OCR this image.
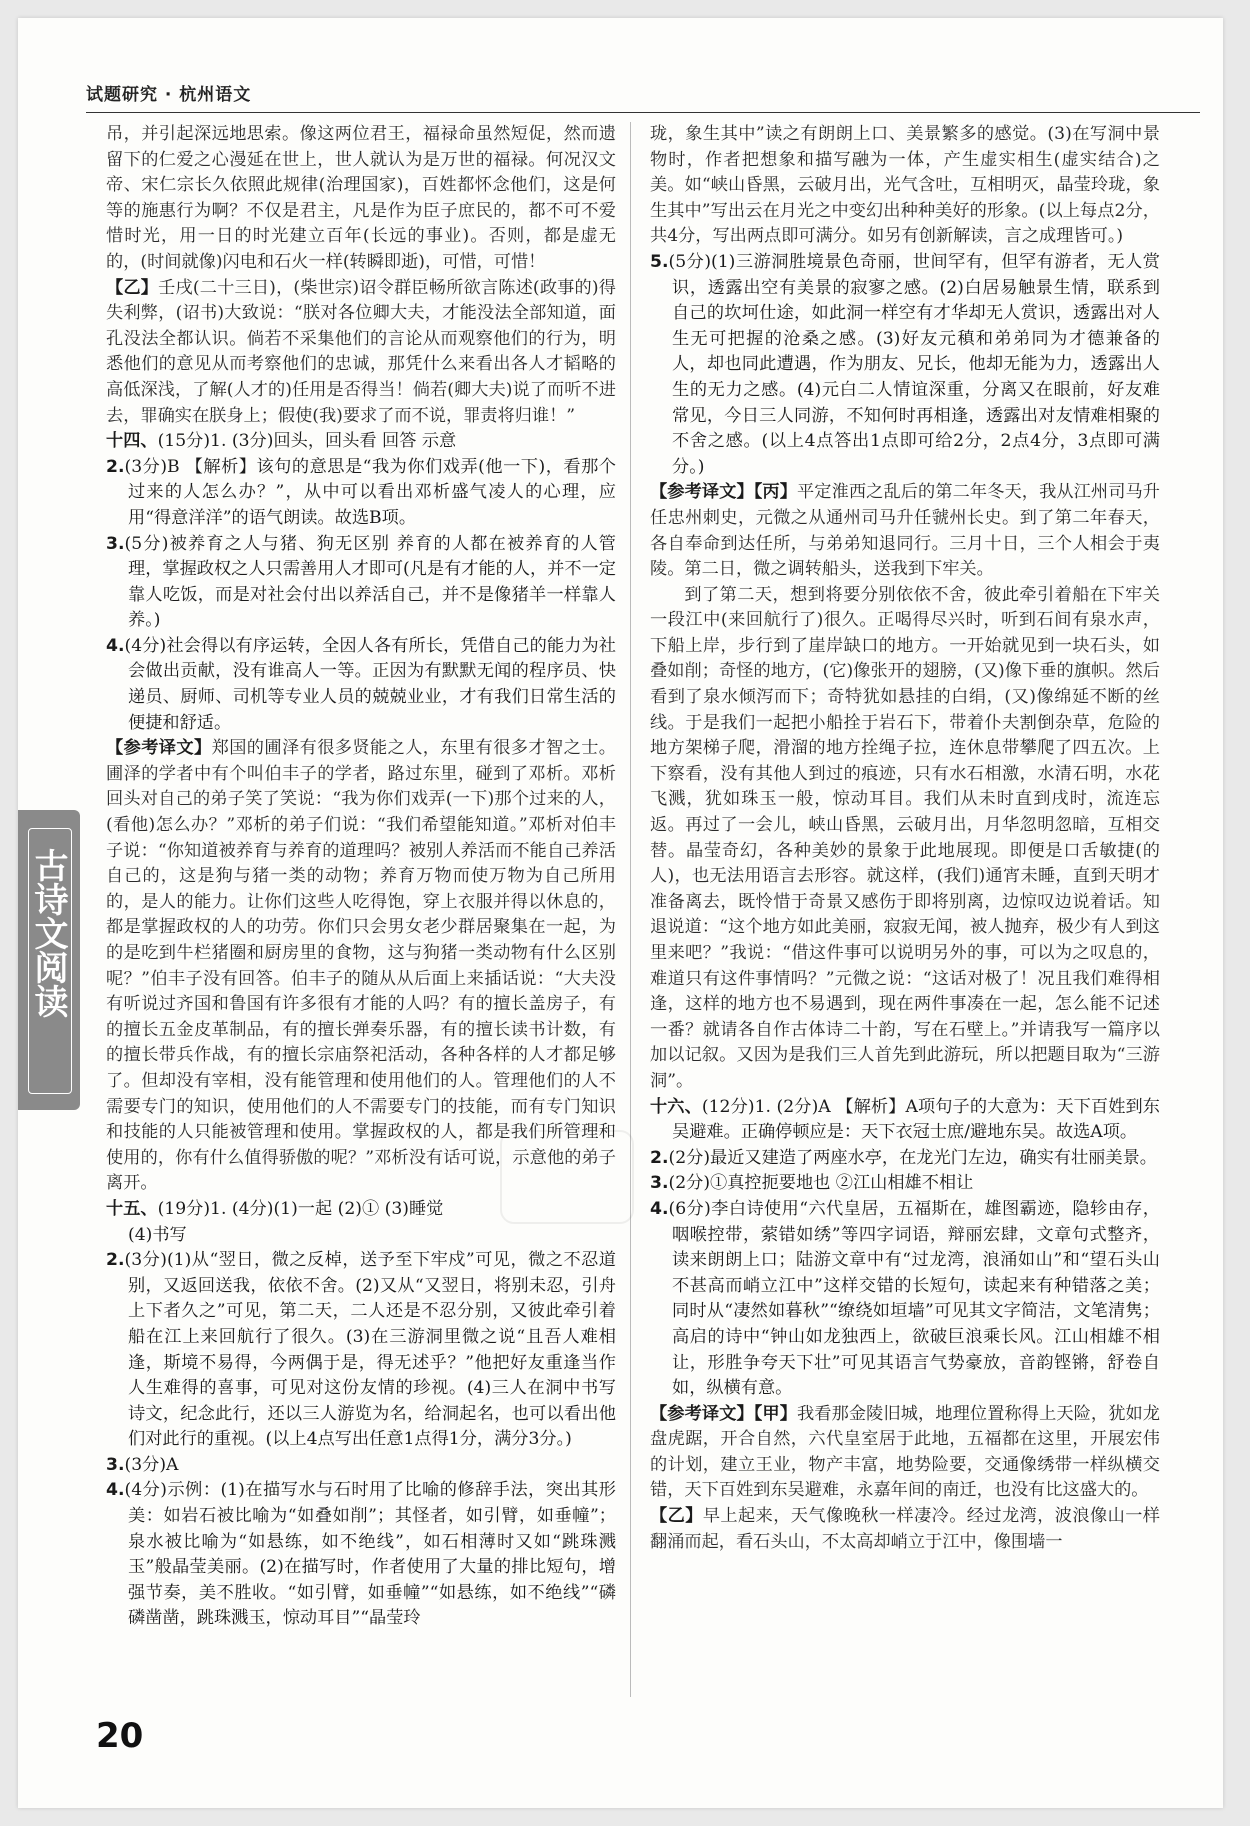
试题研究 · 杭州语文

吊，并引起深远地思索。像这两位君王，福禄命虽然短促，然而遗留下的仁爱之心漫延在世上，世人就认为是万世的福禄。何况汉文帝、宋仁宗长久依照此规律(治理国家)，百姓都怀念他们，这是何等的施惠行为啊？不仅是君主，凡是作为臣子庶民的，都不可不爱惜时光，用一日的时光建立百年(长远的事业)。否则，都是虚无的，(时间就像)闪电和石火一样(转瞬即逝)，可惜，可惜！

【乙】壬戌(二十三日)，(柴世宗)诏令群臣畅所欲言陈述(政事的)得失利弊，(诏书)大致说：“朕对各位卿大夫，才能没法全部知道，面孔没法全都认识。倘若不采集他们的言论从而观察他们的行为，明悉他们的意见从而考察他们的忠诚，那凭什么来看出各人才韬略的高低深浅，了解(人才的)任用是否得当！倘若(卿大夫)说了而听不进去，罪确实在朕身上；假使(我)要求了而不说，罪责将归谁！”

十四、(15分)1. (3分)回头，回头看 回答 示意

2.(3分)B 【解析】该句的意思是“我为你们戏弄(他一下)，看那个过来的人怎么办？”，从中可以看出邓析盛气凌人的心理，应用“得意洋洋”的语气朗读。故选B项。

3.(5分)被养育之人与猪、狗无区别 养育的人都在被养育的人管理，掌握政权之人只需善用人才即可(凡是有才能的人，并不一定靠人吃饭，而是对社会付出以养活自己，并不是像猪羊一样靠人养。)

4.(4分)社会得以有序运转，全因人各有所长，凭借自己的能力为社会做出贡献，没有谁高人一等。正因为有默默无闻的程序员、快递员、厨师、司机等专业人员的兢兢业业，才有我们日常生活的便捷和舒适。

【参考译文】郑国的圃泽有很多贤能之人，东里有很多才智之士。圃泽的学者中有个叫伯丰子的学者，路过东里，碰到了邓析。邓析回头对自己的弟子笑了笑说：“我为你们戏弄(一下)那个过来的人，(看他)怎么办？”邓析的弟子们说：“我们希望能知道。”邓析对伯丰子说：“你知道被养育与养育的道理吗？被别人养活而不能自己养活自己的，这是狗与猪一类的动物；养育万物而使万物为自己所用的，是人的能力。让你们这些人吃得饱，穿上衣服并得以休息的，都是掌握政权的人的功劳。你们只会男女老少群居聚集在一起，为的是吃到牛栏猪圈和厨房里的食物，这与狗猪一类动物有什么区别呢？”伯丰子没有回答。伯丰子的随从从后面上来插话说：“大夫没有听说过齐国和鲁国有许多很有才能的人吗？有的擅长盖房子，有的擅长五金皮革制品，有的擅长弹奏乐器，有的擅长读书计数，有的擅长带兵作战，有的擅长宗庙祭祀活动，各种各样的人才都足够了。但却没有宰相，没有能管理和使用他们的人。管理他们的人不需要专门的知识，使用他们的人不需要专门的技能，而有专门知识和技能的人只能被管理和使用。掌握政权的人，都是我们所管理和使用的，你有什么值得骄傲的呢？”邓析没有话可说，示意他的弟子离开。

十五、(19分)1. (4分)(1)一起 (2)① (3)睡觉

(4)书写

2.(3分)(1)从“翌日，微之反棹，送予至下牢戍”可见，微之不忍道别，又返回送我，依依不舍。(2)又从“又翌日，将别未忍，引舟上下者久之”可见，第二天，二人还是不忍分别，又彼此牵引着船在江上来回航行了很久。(3)在三游洞里微之说“且吾人难相逢，斯境不易得，今两偶于是，得无述乎？”他把好友重逢当作人生难得的喜事，可见对这份友情的珍视。(4)三人在洞中书写诗文，纪念此行，还以三人游览为名，给洞起名，也可以看出他们对此行的重视。(以上4点写出任意1点得1分，满分3分。)

3.(3分)A

4.(4分)示例：(1)在描写水与石时用了比喻的修辞手法，突出其形美：如岩石被比喻为“如叠如削”；其怪者，如引臂，如垂幢”；泉水被比喻为“如悬练，如不绝线”，如石相薄时又如“跳珠溅玉”般晶莹美丽。(2)在描写时，作者使用了大量的排比短句，增强节奏，美不胜收。“如引臂，如垂幢”“如悬练，如不绝线”“磷磷凿凿，跳珠溅玉，惊动耳目”“晶莹玲

珑，象生其中”读之有朗朗上口、美景繁多的感觉。(3)在写洞中景物时，作者把想象和描写融为一体，产生虚实相生(虚实结合)之美。如“峡山昏黑，云破月出，光气含吐，互相明灭，晶莹玲珑，象生其中”写出云在月光之中变幻出种种美好的形象。(以上每点2分，共4分，写出两点即可满分。如另有创新解读，言之成理皆可。)

5.(5分)(1)三游洞胜境景色奇丽，世间罕有，但罕有游者，无人赏识，透露出空有美景的寂寥之感。(2)白居易触景生情，联系到自己的坎坷仕途，如此洞一样空有才华却无人赏识，透露出对人生无可把握的沧桑之感。(3)好友元稹和弟弟同为才德兼备的人，却也同此遭遇，作为朋友、兄长，他却无能为力，透露出人生的无力之感。(4)元白二人情谊深重，分离又在眼前，好友难常见，今日三人同游，不知何时再相逢，透露出对友情难相聚的不舍之感。(以上4点答出1点即可给2分，2点4分，3点即可满分。)

【参考译文】【丙】平定淮西之乱后的第二年冬天，我从江州司马升任忠州刺史，元微之从通州司马升任虢州长史。到了第二年春天，各自奉命到达任所，与弟弟知退同行。三月十日，三个人相会于夷陵。第二日，微之调转船头，送我到下牢关。

到了第二天，想到将要分别依依不舍，彼此牵引着船在下牢关一段江中(来回航行了)很久。正喝得尽兴时，听到石间有泉水声，下船上岸，步行到了崖岸缺口的地方。一开始就见到一块石头，如叠如削；奇怪的地方，(它)像张开的翅膀，(又)像下垂的旗帜。然后看到了泉水倾泻而下；奇特犹如悬挂的白绢，(又)像绵延不断的丝线。于是我们一起把小船拴于岩石下，带着仆夫割倒杂草，危险的地方架梯子爬，滑溜的地方拴绳子拉，连休息带攀爬了四五次。上下察看，没有其他人到过的痕迹，只有水石相激，水清石明，水花飞溅，犹如珠玉一般，惊动耳目。我们从未时直到戌时，流连忘返。再过了一会儿，峡山昏黑，云破月出，月华忽明忽暗，互相交替。晶莹奇幻，各种美妙的景象于此地展现。即便是口舌敏捷(的人)，也无法用语言去形容。就这样，(我们)通宵未睡，直到天明才准备离去，既怜惜于奇景又感伤于即将别离，边惊叹边说着话。知退说道：“这个地方如此美丽，寂寂无闻，被人抛弃，极少有人到这里来吧？”我说：“借这件事可以说明另外的事，可以为之叹息的，难道只有这件事情吗？”元微之说：“这话对极了！况且我们难得相逢，这样的地方也不易遇到，现在两件事凑在一起，怎么能不记述一番？就请各自作古体诗二十韵，写在石壁上。”并请我写一篇序以加以记叙。又因为是我们三人首先到此游玩，所以把题目取为“三游洞”。

十六、(12分)1. (2分)A 【解析】A项句子的大意为：天下百姓到东吴避难。正确停顿应是：天下衣冠士庶/避地东吴。故选A项。

2.(2分)最近又建造了两座水亭，在龙光门左边，确实有壮丽美景。

3.(2分)①真控扼要地也 ②江山相雄不相让

4.(6分)李白诗使用“六代皇居，五福斯在，雄图霸迹，隐轸由存，咽喉控带，萦错如绣”等四字词语，辩丽宏肆，文章句式整齐，读来朗朗上口；陆游文章中有“过龙湾，浪涌如山”和“望石头山不甚高而峭立江中”这样交错的长短句，读起来有种错落之美；同时从“凄然如暮秋”“缭绕如垣墙”可见其文字简洁，文笔清隽；高启的诗中“钟山如龙独西上，欲破巨浪乘长风。江山相雄不相让，形胜争夸天下壮”可见其语言气势豪放，音韵铿锵，舒卷自如，纵横有意。

【参考译文】【甲】我看那金陵旧城，地理位置称得上天险，犹如龙盘虎踞，开合自然，六代皇室居于此地，五福都在这里，开展宏伟的计划，建立王业，物产丰富，地势险要，交通像绣带一样纵横交错，天下百姓到东吴避难，永嘉年间的南迁，也没有比这盛大的。

【乙】早上起来，天气像晚秋一样凄冷。经过龙湾，波浪像山一样翻涌而起，看石头山，不太高却峭立于江中，像围墙一

古诗文阅读
20
